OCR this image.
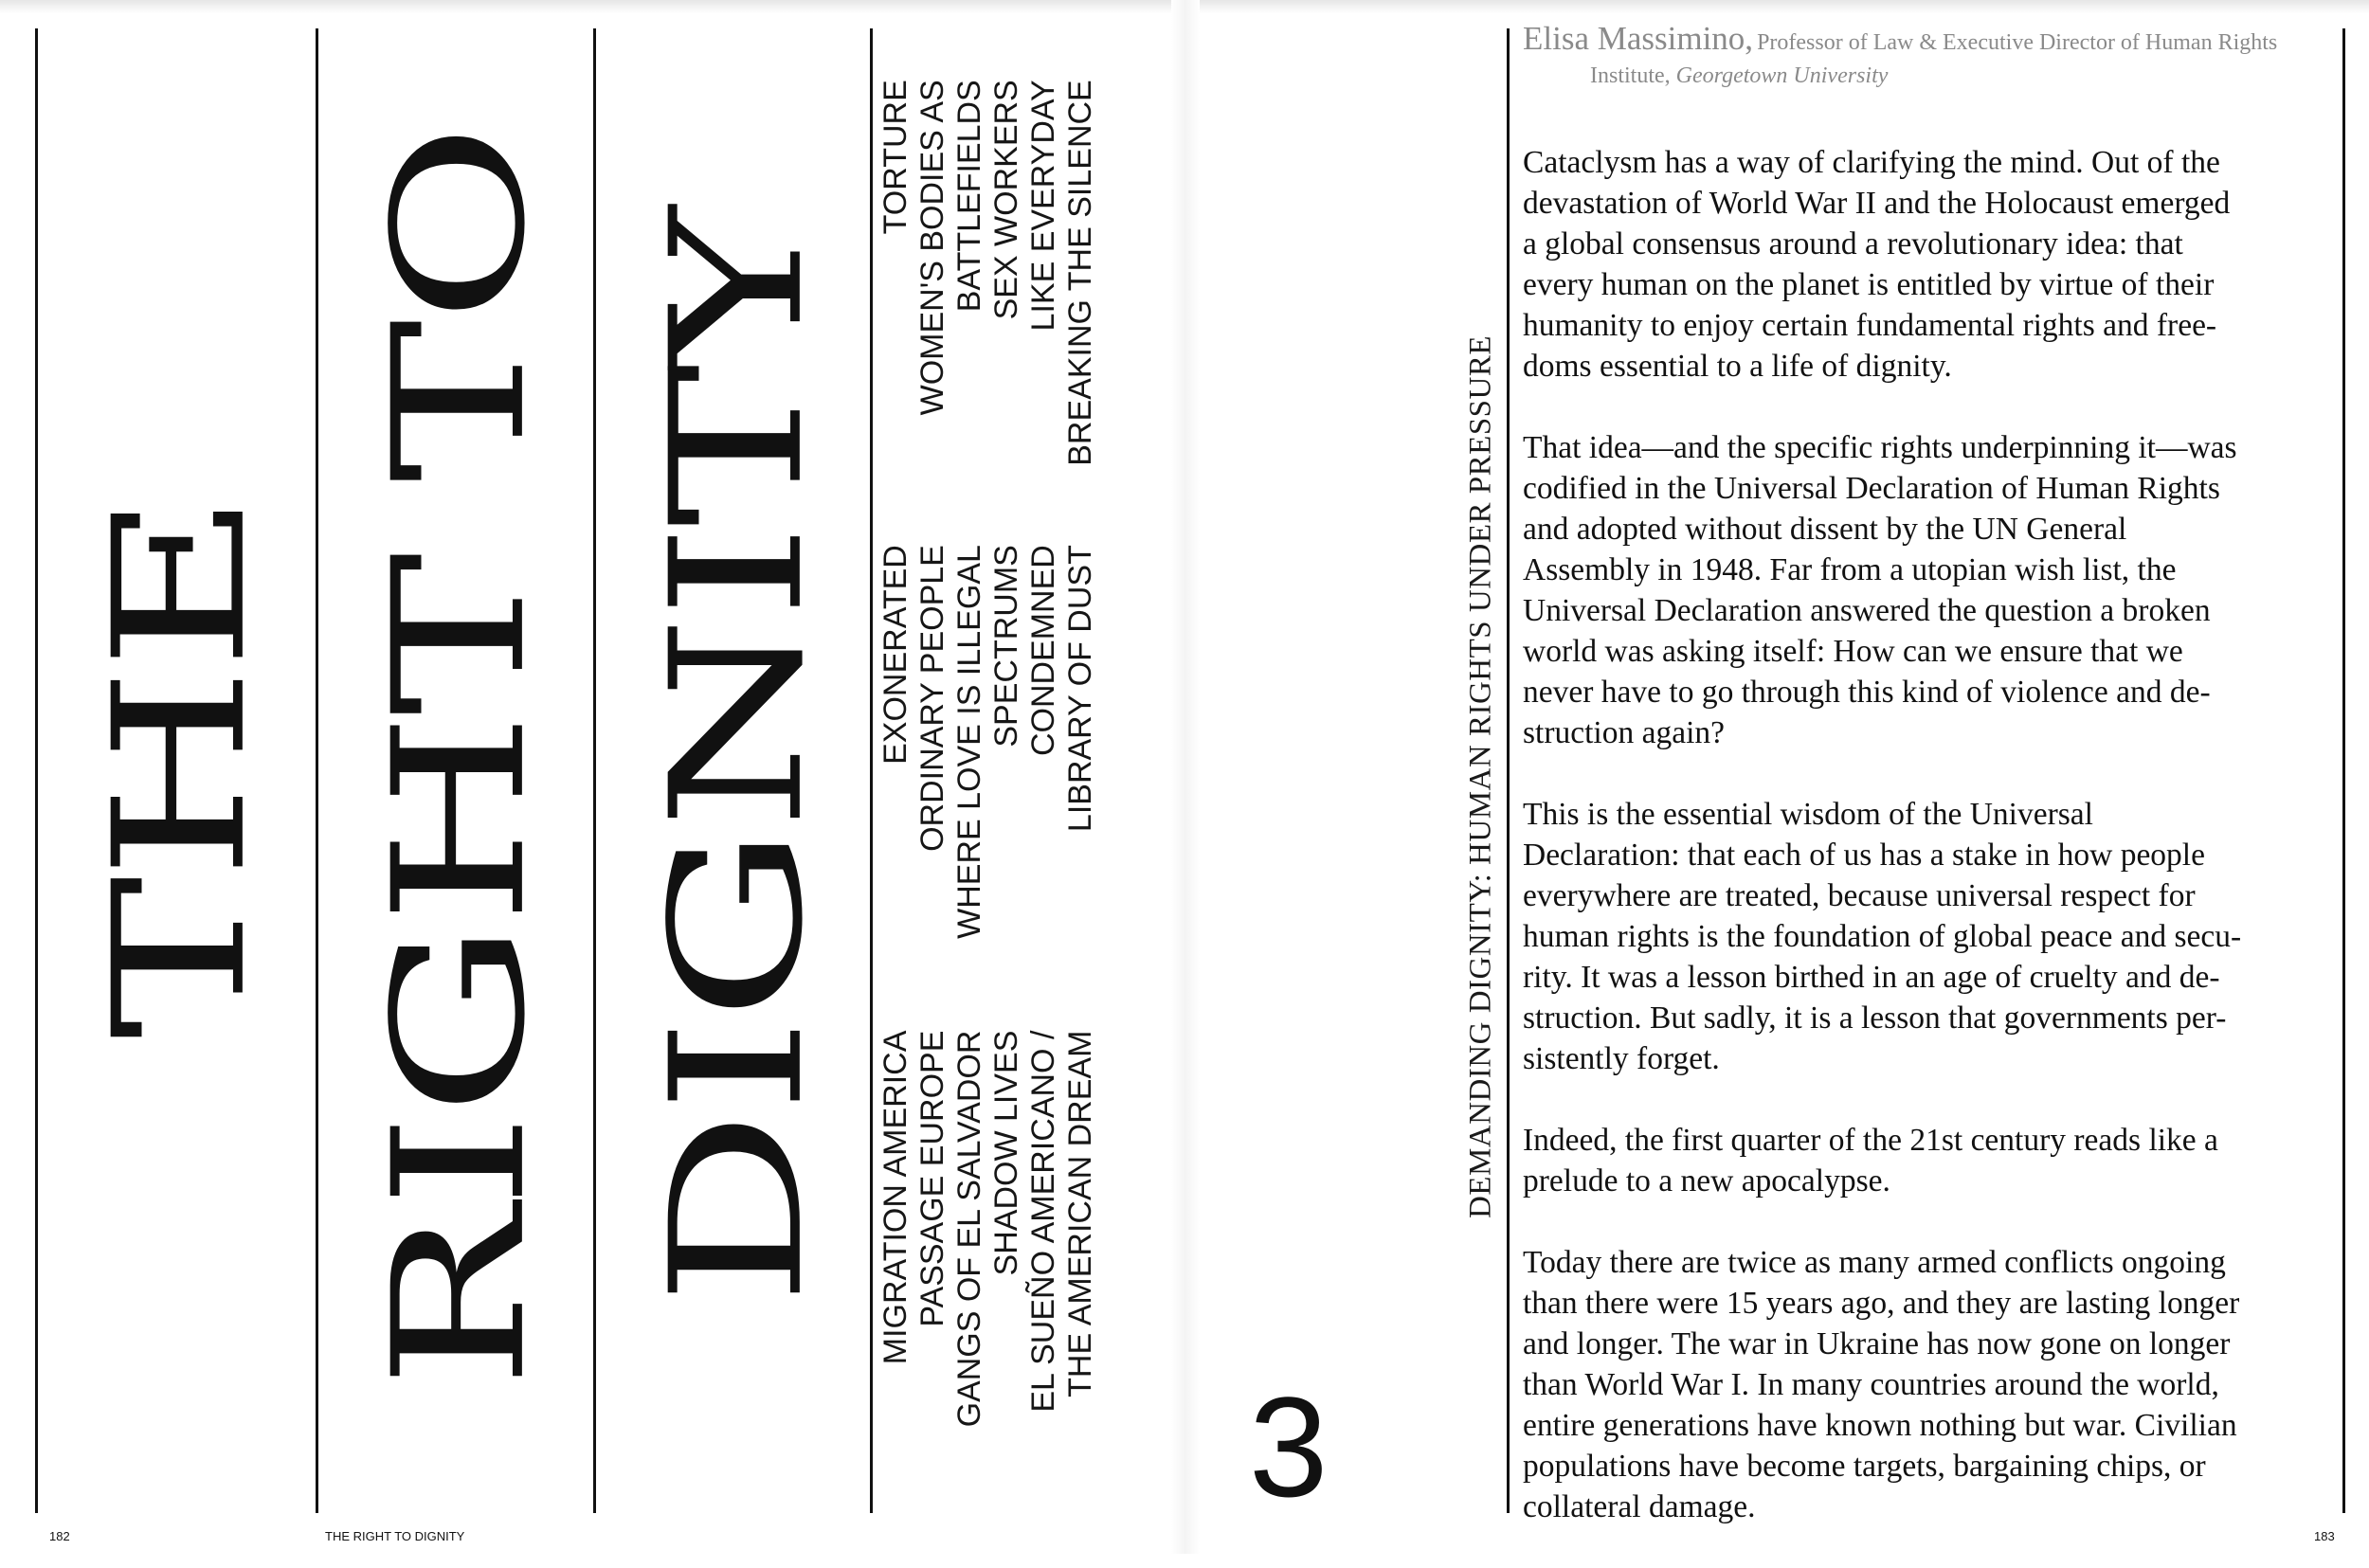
THE RIGHT TO DIGNITY
TORTURE WOMEN'S BODIES AS BATTLEFIELDS SEX WORKERS LIKE EVERYDAY BREAKING THE SILENCE
EXONERATED ORDINARY PEOPLE WHERE LOVE IS ILLEGAL SPECTRUMS CONDEMNED LIBRARY OF DUST
MIGRATION AMERICA PASSAGE EUROPE GANGS OF EL SALVADOR SHADOW LIVES EL SUEÑO AMERICANO / THE AMERICAN DREAM
3
182	THE RIGHT TO DIGNITY
DEMANDING DIGNITY: HUMAN RIGHTS UNDER PRESSURE
Elisa Massimino, Professor of Law & Executive Director of Human Rights
Institute, Georgetown University

Cataclysm has a way of clarifying the mind. Out of the
devastation of World War II and the Holocaust emerged
a global consensus around a revolutionary idea: that
every human on the planet is entitled by virtue of their
humanity to enjoy certain fundamental rights and free-
doms essential to a life of dignity.

That idea—and the specific rights underpinning it—was
codified in the Universal Declaration of Human Rights
and adopted without dissent by the UN General
Assembly in 1948. Far from a utopian wish list, the
Universal Declaration answered the question a broken
world was asking itself: How can we ensure that we
never have to go through this kind of violence and de-
struction again?

This is the essential wisdom of the Universal
Declaration: that each of us has a stake in how people
everywhere are treated, because universal respect for
human rights is the foundation of global peace and secu-
rity. It was a lesson birthed in an age of cruelty and de-
struction. But sadly, it is a lesson that governments per-
sistently forget.

Indeed, the first quarter of the 21st century reads like a
prelude to a new apocalypse.

Today there are twice as many armed conflicts ongoing
than there were 15 years ago, and they are lasting longer
and longer. The war in Ukraine has now gone on longer
than World War I. In many countries around the world,
entire generations have known nothing but war. Civilian
populations have become targets, bargaining chips, or
collateral damage.

183
